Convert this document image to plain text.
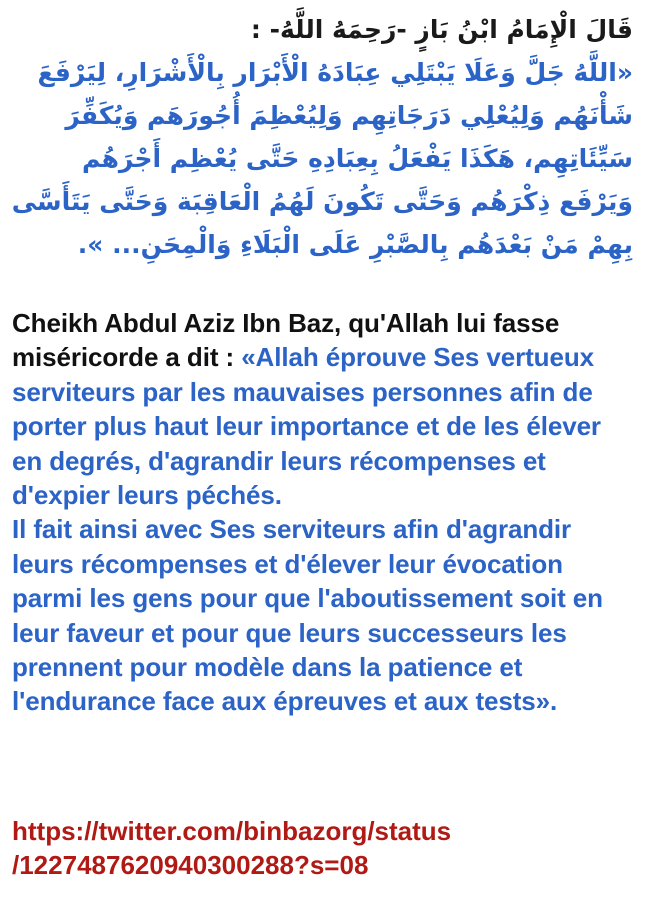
قَالَ الْإِمَامُ ابْنُ بَازٍ -رَحِمَهُ اللَّهُ- :
«اللَّهُ جَلَّ وَعَلَا يَبْتَلِي عِبَادَهُ الْأَبْرَار بِالْأَشْرَارِ، لِيَرْفَعَ شَأْنَهُم وَلِيُعْلِي دَرَجَاتِهِم وَلِيُعْظِمَ أُجُورَهَم وَيُكَفِّرَ سَيِّئَاتِهِم، هَكَذَا يَفْعَلُ بِعِبَادِهِ حَتَّى يُعْظِم أَجْرَهُم وَيَرْفَع ذِكْرَهُم وَحَتَّى تَكُونَ لَهُمُ الْعَاقِبَة وَحَتَّى يَتَأَسَّى بِهِمْ مَنْ بَعْدَهُم بِالصَّبْرِ عَلَى الْبَلَاءِ وَالْمِحَنِ... ».
Cheikh Abdul Aziz Ibn Baz, qu'Allah lui fasse miséricorde a dit : «Allah éprouve Ses vertueux serviteurs par les mauvaises personnes afin de porter plus haut leur importance et de les élever en degrés, d'agrandir leurs récompenses et d'expier leurs péchés.
Il fait ainsi avec Ses serviteurs afin d'agrandir leurs récompenses et d'élever leur évocation parmi les gens pour que l'aboutissement soit en leur faveur et pour que leurs successeurs les prennent pour modèle dans la patience et l'endurance face aux épreuves et aux tests».
https://twitter.com/binbazorg/status
/1227487620940300288?s=08
